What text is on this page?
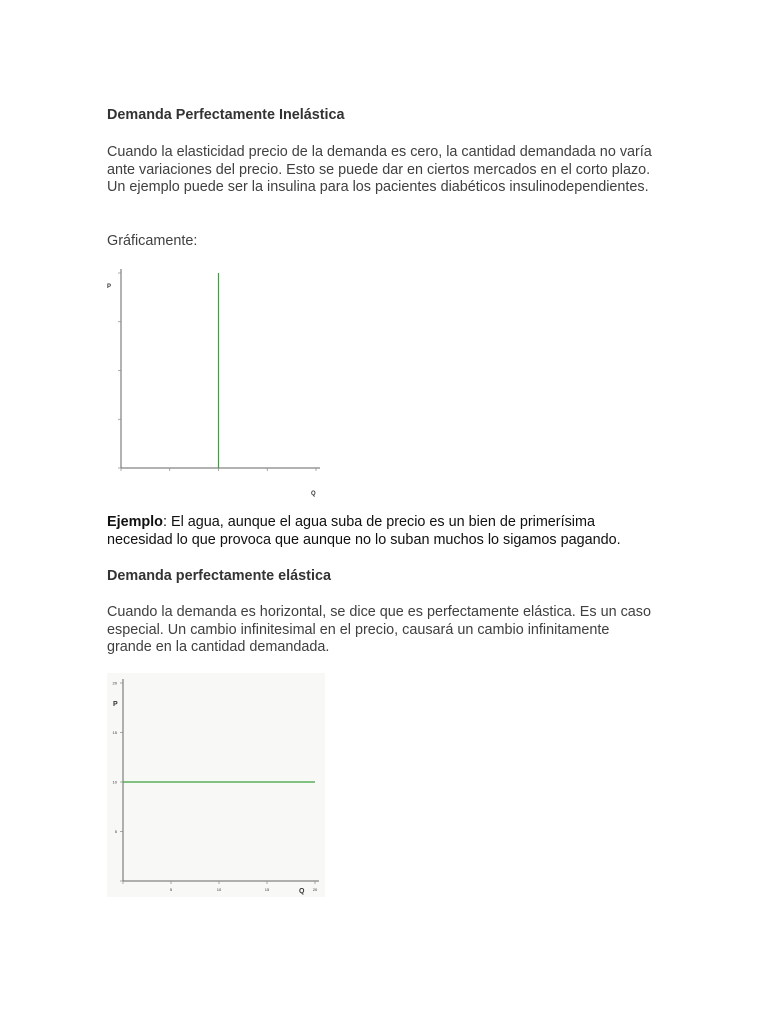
Demanda Perfectamente Inelástica

Cuando la elasticidad precio de la demanda es cero, la cantidad demandada no varía ante variaciones del precio. Esto se puede dar en ciertos mercados en el corto plazo. Un ejemplo puede ser la insulina para los pacientes diabéticos insulinodependientes.

Gráficamente:

P
Q

Ejemplo: El agua, aunque el agua suba de precio es un bien de primerísima necesidad lo que provoca que aunque no lo suban muchos lo sigamos pagando.

Demanda perfectamente elástica

Cuando la demanda es horizontal, se dice que es perfectamente elástica. Es un caso especial. Un cambio infinitesimal en el precio, causará un cambio infinitamente grande en la cantidad demandada.

5	10	15	20
5
10
15
20
P
Q
